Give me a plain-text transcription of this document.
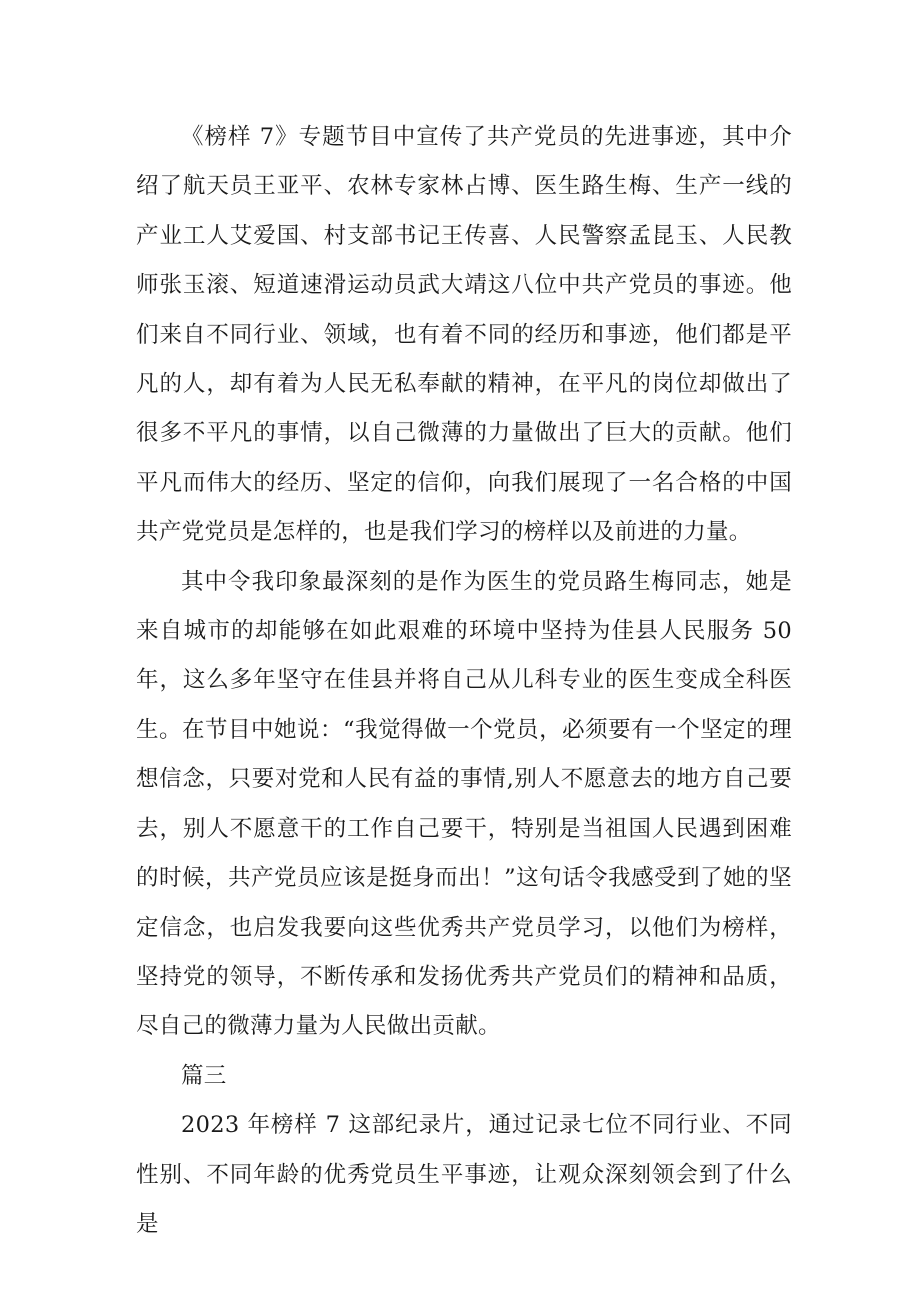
《榜样 7》专题节目中宣传了共产党员的先进事迹，其中介绍了航天员王亚平、农林专家林占博、医生路生梅、生产一线的产业工人艾爱国、村支部书记王传喜、人民警察孟昆玉、人民教师张玉滚、短道速滑运动员武大靖这八位中共产党员的事迹。他们来自不同行业、领域，也有着不同的经历和事迹，他们都是平凡的人，却有着为人民无私奉献的精神，在平凡的岗位却做出了很多不平凡的事情，以自己微薄的力量做出了巨大的贡献。他们平凡而伟大的经历、坚定的信仰，向我们展现了一名合格的中国共产党党员是怎样的，也是我们学习的榜样以及前进的力量。

其中令我印象最深刻的是作为医生的党员路生梅同志，她是来自城市的却能够在如此艰难的环境中坚持为佳县人民服务 50 年，这么多年坚守在佳县并将自己从儿科专业的医生变成全科医生。在节目中她说：“我觉得做一个党员，必须要有一个坚定的理想信念，只要对党和人民有益的事情,别人不愿意去的地方自己要去，别人不愿意干的工作自己要干，特别是当祖国人民遇到困难的时候，共产党员应该是挺身而出！”这句话令我感受到了她的坚定信念，也启发我要向这些优秀共产党员学习，以他们为榜样，坚持党的领导，不断传承和发扬优秀共产党员们的精神和品质，尽自己的微薄力量为人民做出贡献。

篇三

2023 年榜样 7 这部纪录片，通过记录七位不同行业、不同性别、不同年龄的优秀党员生平事迹，让观众深刻领会到了什么是
